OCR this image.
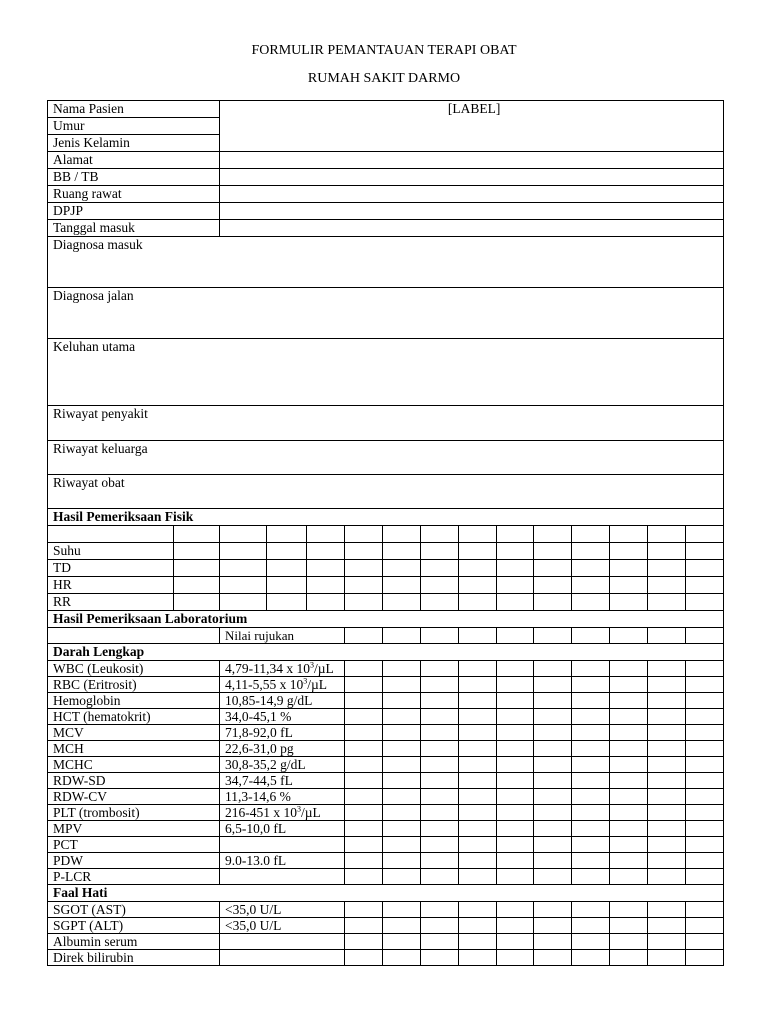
FORMULIR PEMANTAUAN TERAPI OBAT
RUMAH SAKIT DARMO
Nama Pasien		[LABEL]												
Umur														
Jenis Kelamin														
Alamat														
BB / TB														
Ruang rawat														
DPJP														
Tanggal masuk														
Diagnosa masuk														
Diagnosa jalan														
Keluhan utama														
Riwayat penyakit														
Riwayat keluarga														
Riwayat obat														
Hasil Pemeriksaan Fisik														

Suhu														
TD														
HR														
RR														
Hasil Pemeriksaan Laboratorium														
		Nilai rujukan												
Darah Lengkap														
WBC (Leukosit)		4,79-11,34 x $10^3/\mu L$												
RBC (Eritrosit)		4,11-5,55 x $10^3/\mu L$												
Hemoglobin		10,85-14,9 g/dL												
HCT (hematokrit)		34,0-45,1 %												
MCV		71,8-92,0 fL												
MCH		22,6-31,0 pg												
MCHC		30,8-35,2 g/dL												
RDW-SD		34,7-44,5 fL												
RDW-CV		11,3-14,6 %												
PLT (trombosit)		216-451 x $10^3/\mu L$												
MPV		6,5-10,0 fL												
PCT														
PDW		9.0-13.0 fL												
P-LCR														
Faal Hati														
SGOT (AST)		<35,0 U/L												
SGPT (ALT)		<35,0 U/L												
Albumin serum														
Direk bilirubin														
